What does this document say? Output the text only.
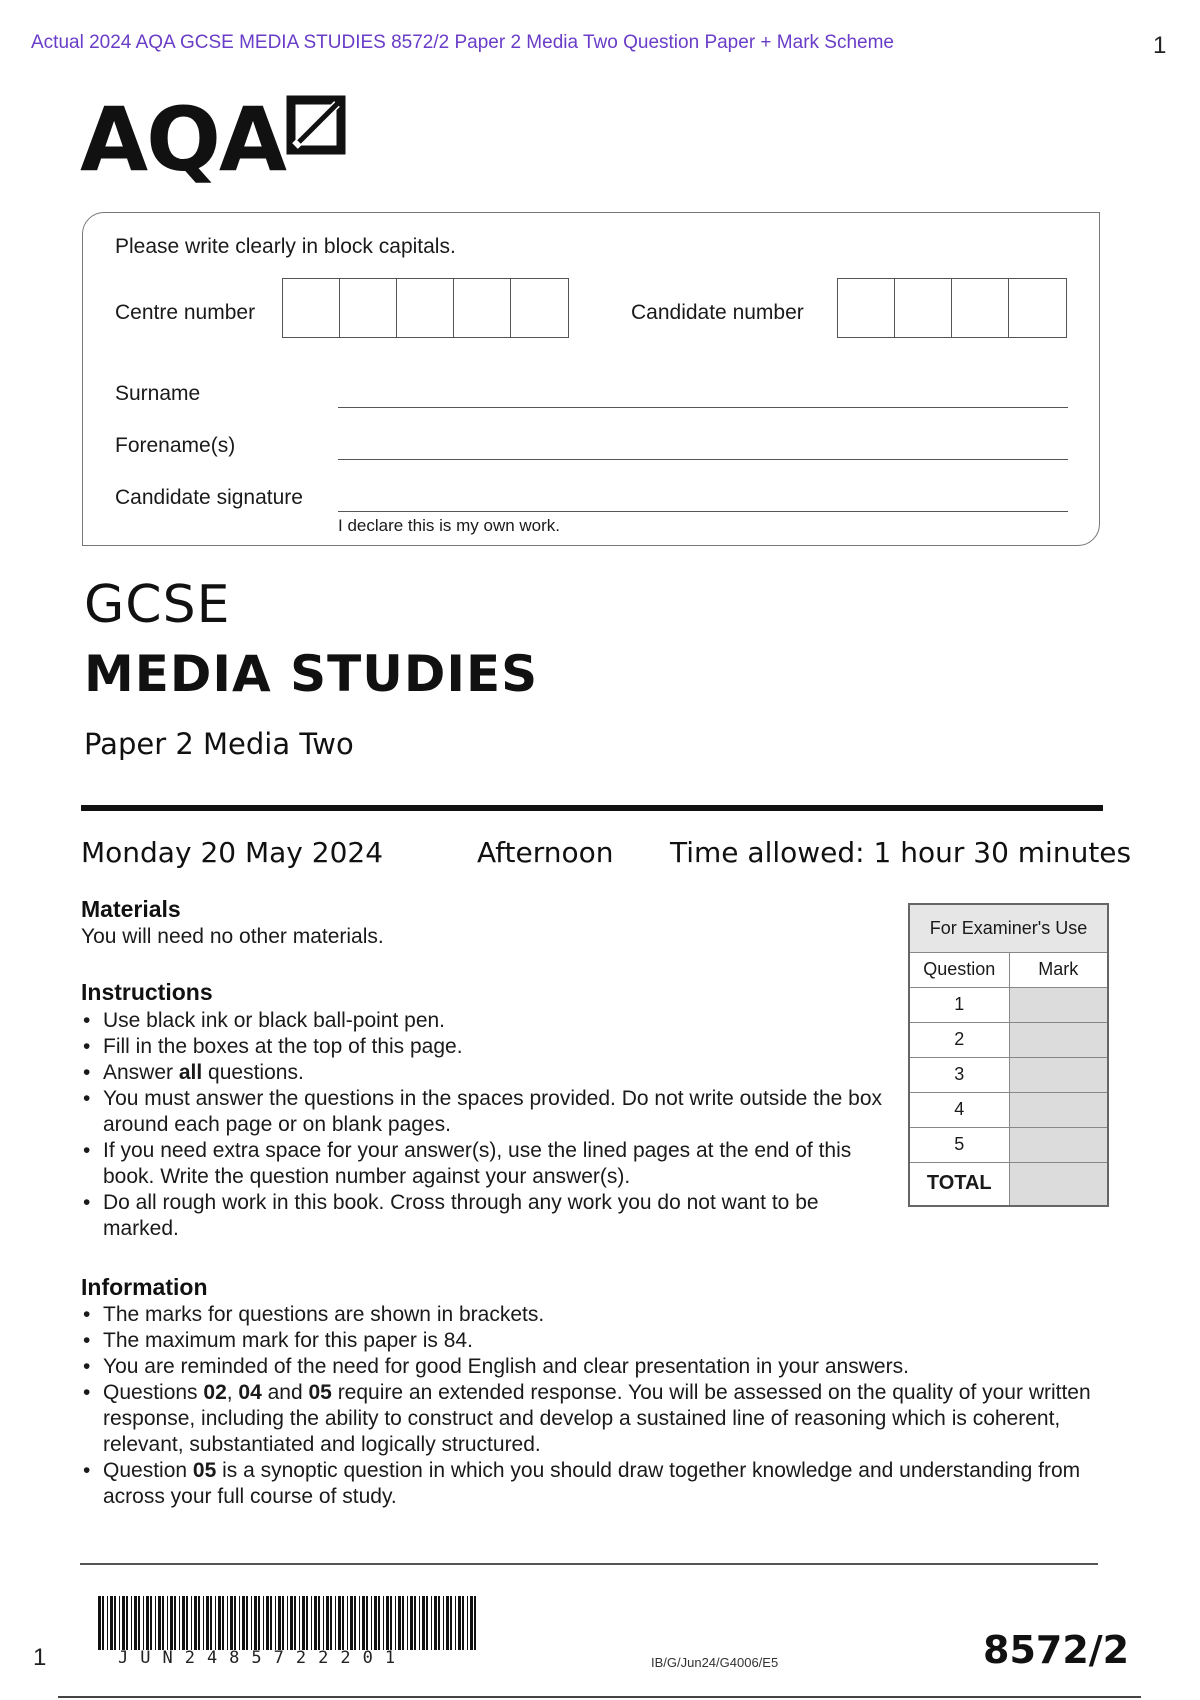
Actual 2024 AQA GCSE MEDIA STUDIES 8572/2 Paper 2 Media Two Question Paper + Mark Scheme	1
AQA
Please write clearly in block capitals.
Centre number	Candidate number
Surname
Forename(s)
Candidate signature
I declare this is my own work.
GCSE
MEDIA STUDIES
Paper 2 Media Two
Monday 20 May 2024	Afternoon Time allowed: 1 hour 30 minutes
Materials
You will need no other materials.
Instructions
• Use black ink or black ball-point pen.
• Fill in the boxes at the top of this page.
• Answer all questions.
• You must answer the questions in the spaces provided. Do not write outside the box around each page or on blank pages.
• If you need extra space for your answer(s), use the lined pages at the end of this book. Write the question number against your answer(s).
• Do all rough work in this book. Cross through any work you do not want to be marked.
For Examiner's Use	
Question	Mark
1	
2	
3	
4	
5	
TOTAL	
Information
• The marks for questions are shown in brackets.
• The maximum mark for this paper is 84.
• You are reminded of the need for good English and clear presentation in your answers.
• Questions 02, 04 and 05 require an extended response. You will be assessed on the quality of your written response, including the ability to construct and develop a sustained line of reasoning which is coherent, relevant, substantiated and logically structured.
• Question 05 is a synoptic question in which you should draw together knowledge and understanding from across your full course of study.
JUN2485722201
1	IB/G/Jun24/G4006/E5	8572/2
